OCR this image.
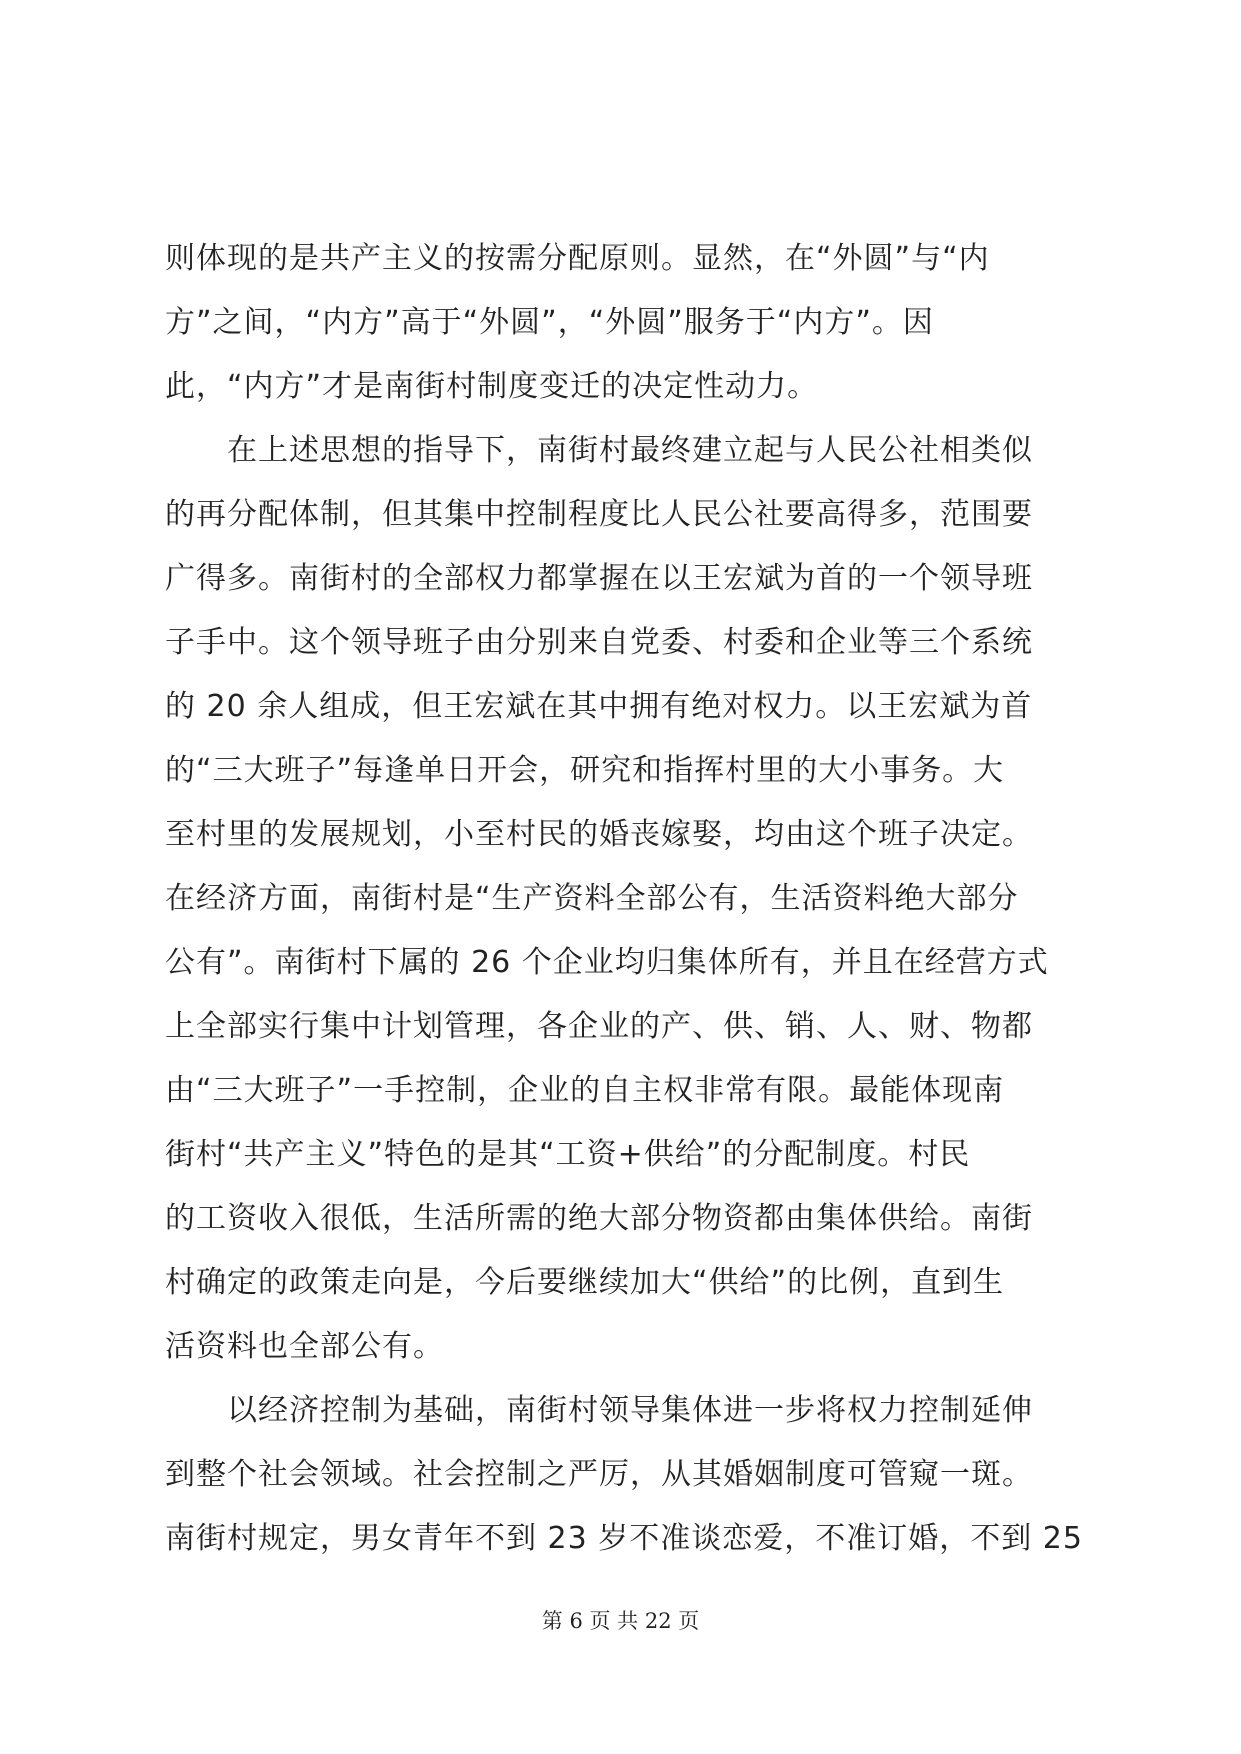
则体现的是共产主义的按需分配原则。显然，在“外圆”与“内
方”之间，“内方”高于“外圆”，“外圆”服务于“内方”。因
此，“内方”才是南街村制度变迁的决定性动力。
　　在上述思想的指导下，南街村最终建立起与人民公社相类似
的再分配体制，但其集中控制程度比人民公社要高得多，范围要
广得多。南街村的全部权力都掌握在以王宏斌为首的一个领导班
子手中。这个领导班子由分别来自党委、村委和企业等三个系统
的 20 余人组成，但王宏斌在其中拥有绝对权力。以王宏斌为首
的“三大班子”每逢单日开会，研究和指挥村里的大小事务。大
至村里的发展规划，小至村民的婚丧嫁娶，均由这个班子决定。
在经济方面，南街村是“生产资料全部公有，生活资料绝大部分
公有”。南街村下属的 26 个企业均归集体所有，并且在经营方式
上全部实行集中计划管理，各企业的产、供、销、人、财、物都
由“三大班子”一手控制，企业的自主权非常有限。最能体现南
街村“共产主义”特色的是其“工资+供给”的分配制度。村民
的工资收入很低，生活所需的绝大部分物资都由集体供给。南街
村确定的政策走向是，今后要继续加大“供给”的比例，直到生
活资料也全部公有。
　　以经济控制为基础，南街村领导集体进一步将权力控制延伸
到整个社会领域。社会控制之严厉，从其婚姻制度可管窥一斑。
南街村规定，男女青年不到 23 岁不准谈恋爱，不准订婚，不到 25
第 6 页 共 22 页
